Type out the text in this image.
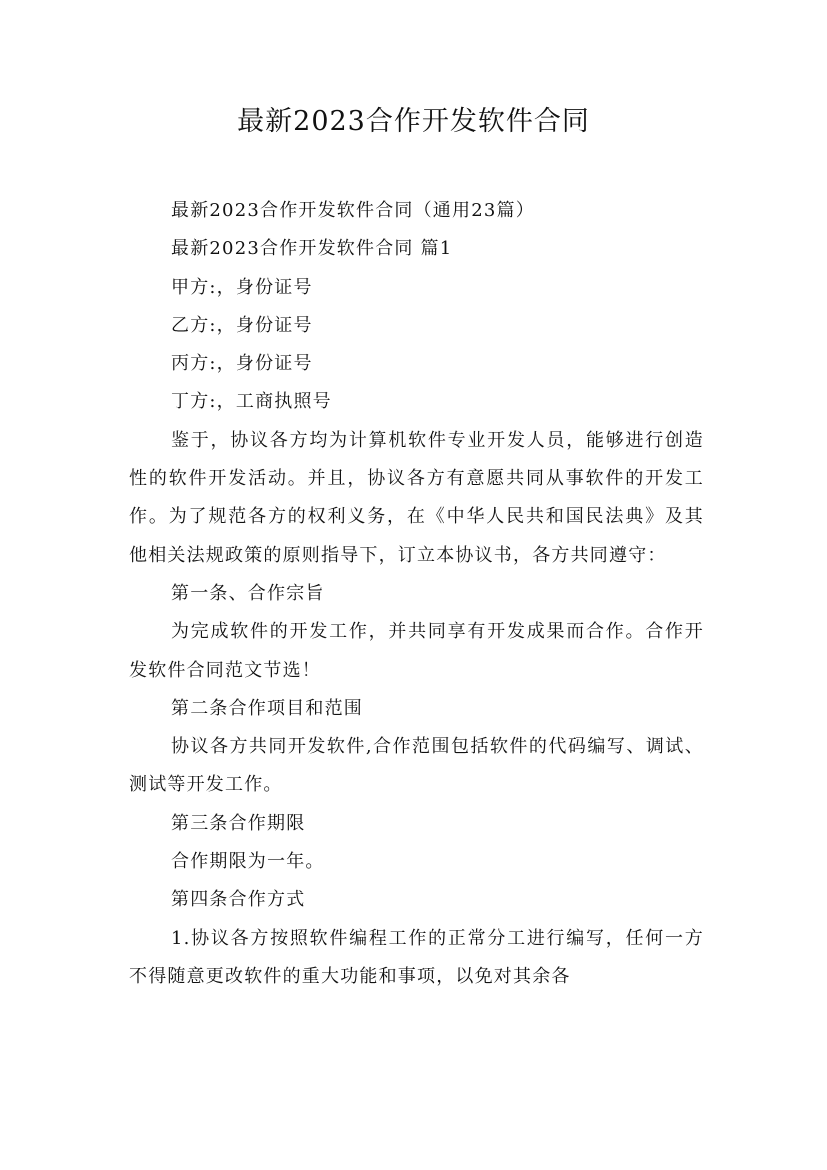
最新2023合作开发软件合同

最新2023合作开发软件合同（通用23篇）

最新2023合作开发软件合同 篇1

甲方:，身份证号

乙方:，身份证号

丙方:，身份证号

丁方:，工商执照号

鉴于，协议各方均为计算机软件专业开发人员，能够进行创造性的软件开发活动。并且，协议各方有意愿共同从事软件的开发工作。为了规范各方的权利义务，在《中华人民共和国民法典》及其他相关法规政策的原则指导下，订立本协议书，各方共同遵守：

第一条、合作宗旨

为完成软件的开发工作，并共同享有开发成果而合作。合作开发软件合同范文节选！

第二条合作项目和范围

协议各方共同开发软件,合作范围包括软件的代码编写、调试、测试等开发工作。

第三条合作期限

合作期限为一年。

第四条合作方式

1.协议各方按照软件编程工作的正常分工进行编写，任何一方不得随意更改软件的重大功能和事项，以免对其余各
